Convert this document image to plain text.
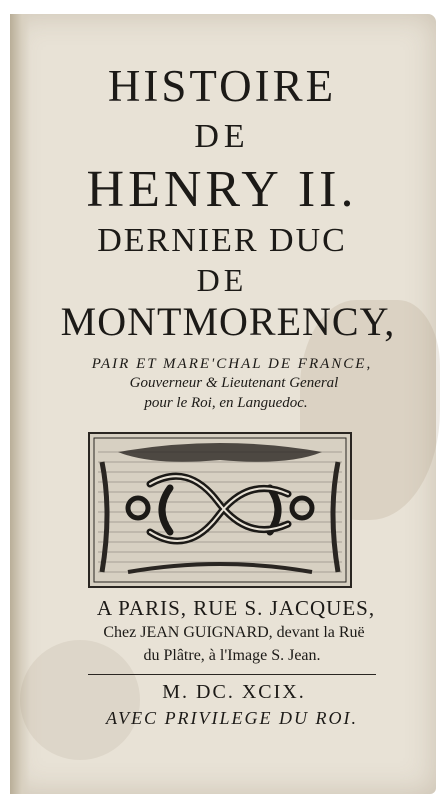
HISTOIRE
DE
HENRY II.
DERNIER DUC
DE
MONTMORENCY,
PAIR ET MARE'CHAL DE FRANCE,
Gouverneur & Lieutenant General
pour le Roi, en Languedoc.
A PARIS, RUE S. JACQUES,
Chez JEAN GUIGNARD, devant la Ruë
du Plâtre, à l'Image S. Jean.
M. DC. XCIX.
AVEC PRIVILEGE DU ROI.
